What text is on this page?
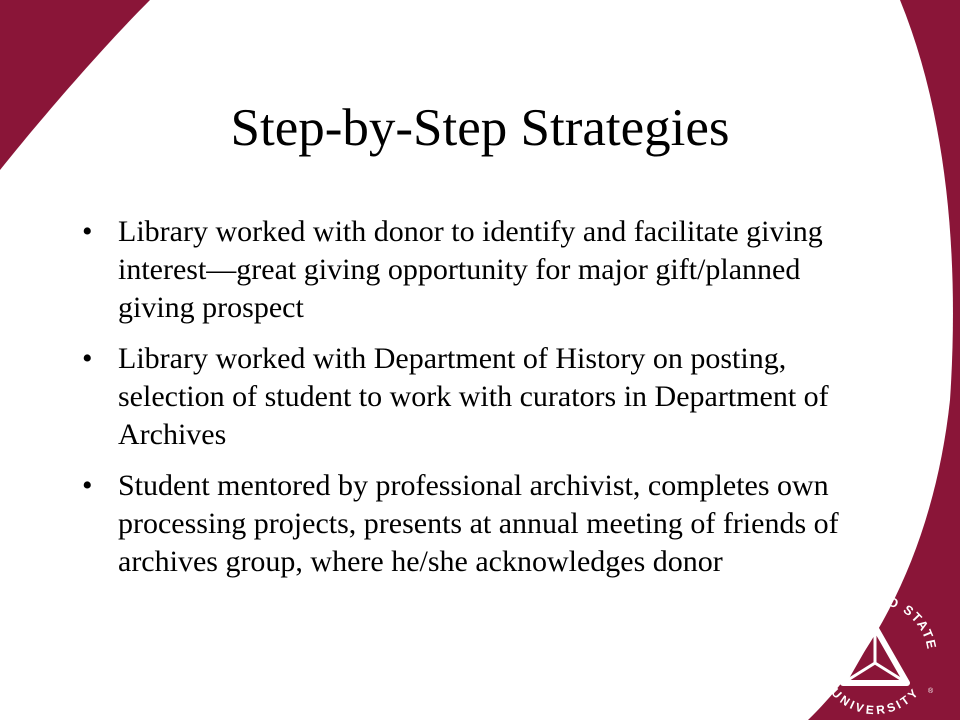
Step-by-Step Strategies
• Library worked with donor to identify and facilitate giving interest—great giving opportunity for major gift/planned giving prospect
• Library worked with Department of History on posting, selection of student to work with curators in Department of Archives
• Student mentored by professional archivist, completes own processing projects, presents at annual meeting of friends of archives group, where he/she acknowledges donor
NEW MEXICO STATE
UNIVERSITY ®
